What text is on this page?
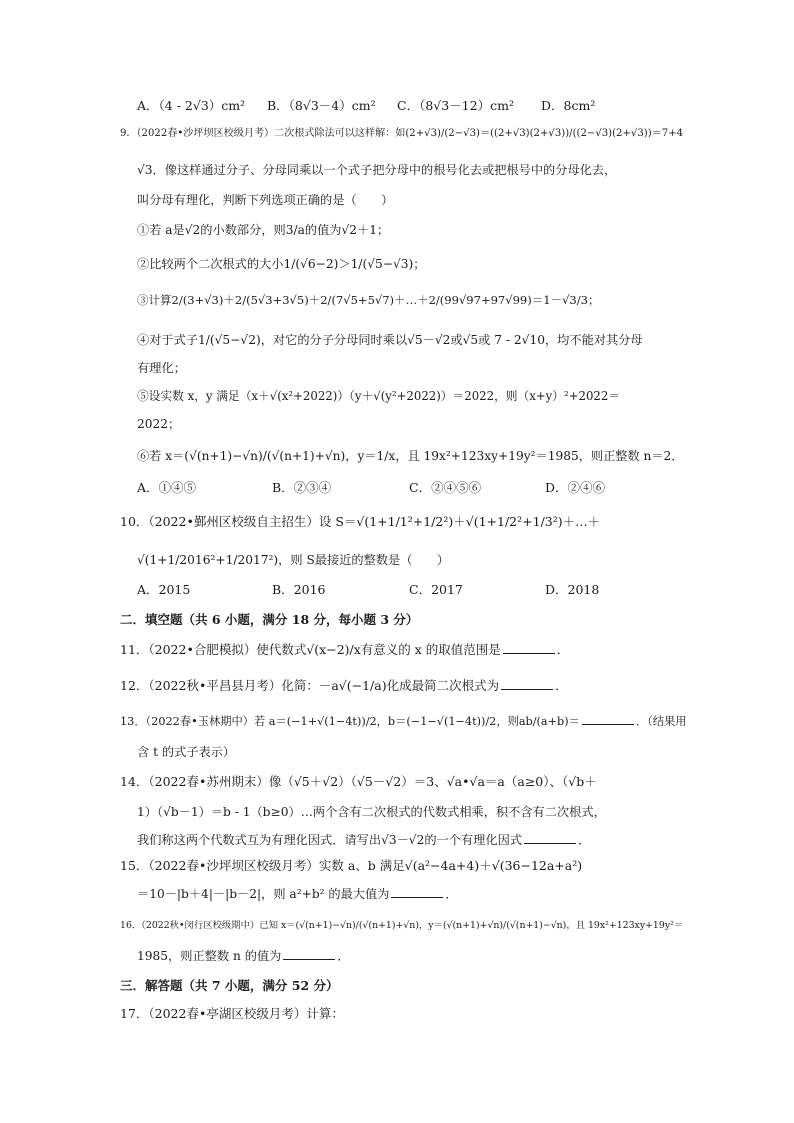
A．（4 - 2√3）cm² B．（8√3－4）cm² C．（8√3－12）cm² D．8cm²
9．（2022春•沙坪坝区校级月考）二次根式除法可以这样解：如(2+√3)/(2−√3)＝((2+√3)(2+√3))/((2−√3)(2+√3))＝7+4
√3．像这样通过分子、分母同乘以一个式子把分母中的根号化去或把根号中的分母化去，
叫分母有理化，判断下列选项正确的是（　　）
①若 a是√2的小数部分，则3/a的值为√2＋1；
②比较两个二次根式的大小1/(√6−2)＞1/(√5−√3)；
③计算2/(3+√3)＋2/(5√3+3√5)＋2/(7√5+5√7)＋…＋2/(99√97+97√99)＝1－√3/3；
④对于式子1/(√5−√2)，对它的分子分母同时乘以√5－√2或√5或 7 - 2√10，均不能对其分母
有理化；
⑤设实数 x，y 满足（x＋√(x²+2022)）（y＋√(y²+2022)）＝2022，则（x+y）²+2022＝
2022；
⑥若 x＝(√(n+1)−√n)/(√(n+1)+√n)，y＝1/x，且 19x²+123xy+19y²＝1985，则正整数 n＝2．
A．①④⑤	B．②③④	C．②④⑤⑥	D．②④⑥
10．（2022•鄞州区校级自主招生）设 S＝√(1+1/1²+1/2²)＋√(1+1/2²+1/3²)＋…＋
√(1+1/2016²+1/2017²)，则 S最接近的整数是（　　）
A．2015	B．2016	C．2017	D．2018
二．填空题（共 6 小题，满分 18 分，每小题 3 分）
11．（2022•合肥模拟）使代数式√(x−2)/x有意义的 x 的取值范围是	．
12．（2022秋•平昌县月考）化简：－a√(−1/a)化成最简二次根式为	．
13．（2022春•玉林期中）若 a＝(−1+√(1−4t))/2，b＝(−1−√(1−4t))/2，则ab/(a+b)＝	．（结果用
含 t 的式子表示）
14．（2022春•苏州期末）像（√5＋√2）（√5－√2）＝3、√a•√a＝a（a≥0）、（√b＋
1）（√b－1）＝b - 1（b≥0）…两个含有二次根式的代数式相乘，积不含有二次根式，
我们称这两个代数式互为有理化因式．请写出√3－√2的一个有理化因式	．
15．（2022春•沙坪坝区校级月考）实数 a、b 满足√(a²−4a+4)＋√(36−12a+a²)
＝10－|b＋4|－|b－2|，则 a²+b² 的最大值为	．
16．（2022秋•闵行区校级期中）已知 x＝(√(n+1)−√n)/(√(n+1)+√n)，y＝(√(n+1)+√n)/(√(n+1)−√n)，且 19x²+123xy+19y²＝
1985，则正整数 n 的值为	．
三．解答题（共 7 小题，满分 52 分）
17．（2022春•亭湖区校级月考）计算：
